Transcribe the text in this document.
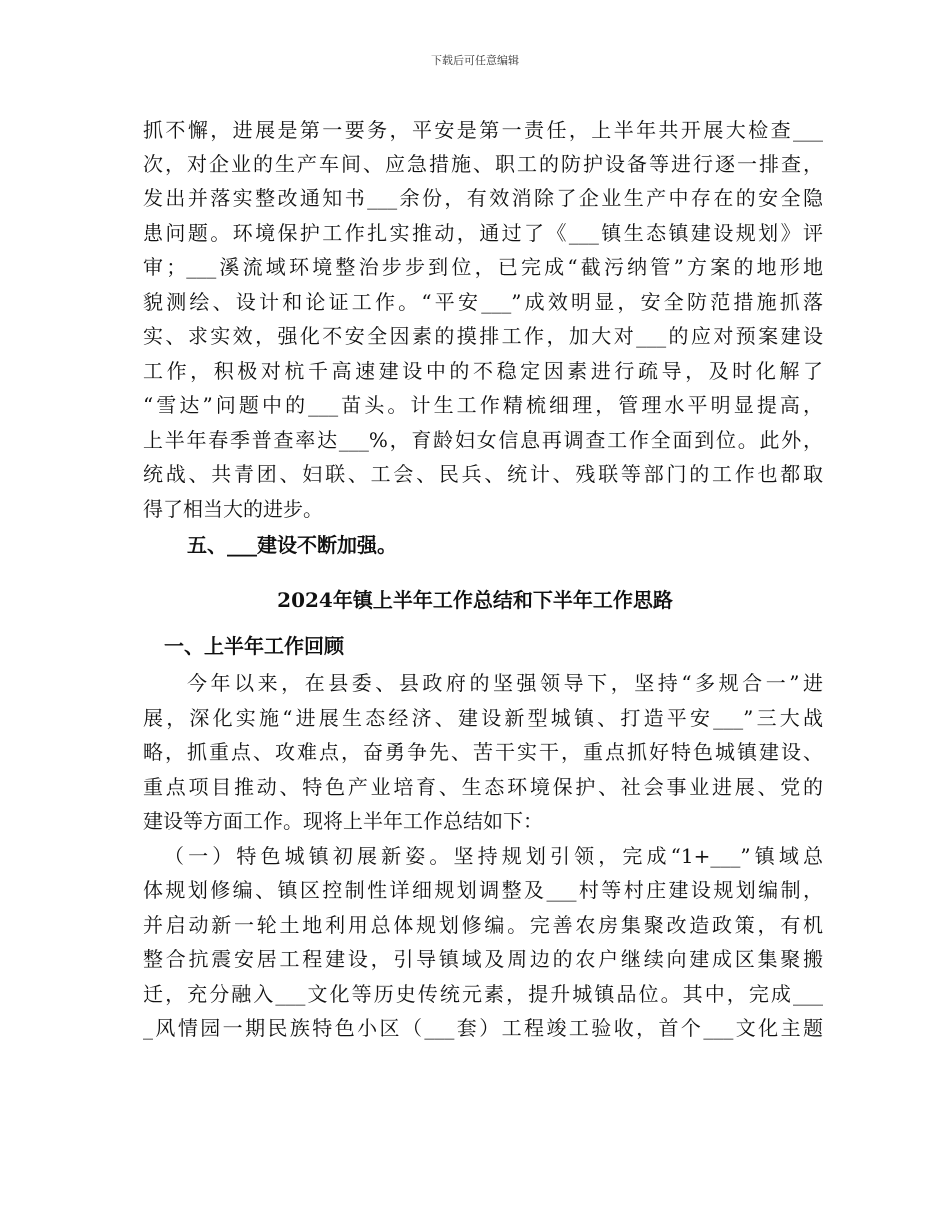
下载后可任意编辑
抓不懈，进展是第一要务，平安是第一责任，上半年共开展大检查___
次，对企业的生产车间、应急措施、职工的防护设备等进行逐一排查，
发出并落实整改通知书___余份，有效消除了企业生产中存在的安全隐
患问题。环境保护工作扎实推动，通过了《___镇生态镇建设规划》评
审；___溪流域环境整治步步到位，已完成“截污纳管”方案的地形地
貌测绘、设计和论证工作。“平安___”成效明显，安全防范措施抓落
实、求实效，强化不安全因素的摸排工作，加大对___的应对预案建设
工作，积极对杭千高速建设中的不稳定因素进行疏导，及时化解了
“雪达”问题中的___苗头。计生工作精梳细理，管理水平明显提高，
上半年春季普查率达___%，育龄妇女信息再调查工作全面到位。此外，
统战、共青团、妇联、工会、民兵、统计、残联等部门的工作也都取
得了相当大的进步。
五、___建设不断加强。
2024年镇上半年工作总结和下半年工作思路
一、上半年工作回顾
今年以来，在县委、县政府的坚强领导下，坚持“多规合一”进
展，深化实施“进展生态经济、建设新型城镇、打造平安___”三大战
略，抓重点、攻难点，奋勇争先、苦干实干，重点抓好特色城镇建设、
重点项目推动、特色产业培育、生态环境保护、社会事业进展、党的
建设等方面工作。现将上半年工作总结如下：
（一）特色城镇初展新姿。坚持规划引领，完成“1+___”镇域总
体规划修编、镇区控制性详细规划调整及___村等村庄建设规划编制，
并启动新一轮土地利用总体规划修编。完善农房集聚改造政策，有机
整合抗震安居工程建设，引导镇域及周边的农户继续向建成区集聚搬
迁，充分融入___文化等历史传统元素，提升城镇品位。其中，完成___
_风情园一期民族特色小区（___套）工程竣工验收，首个___文化主题
